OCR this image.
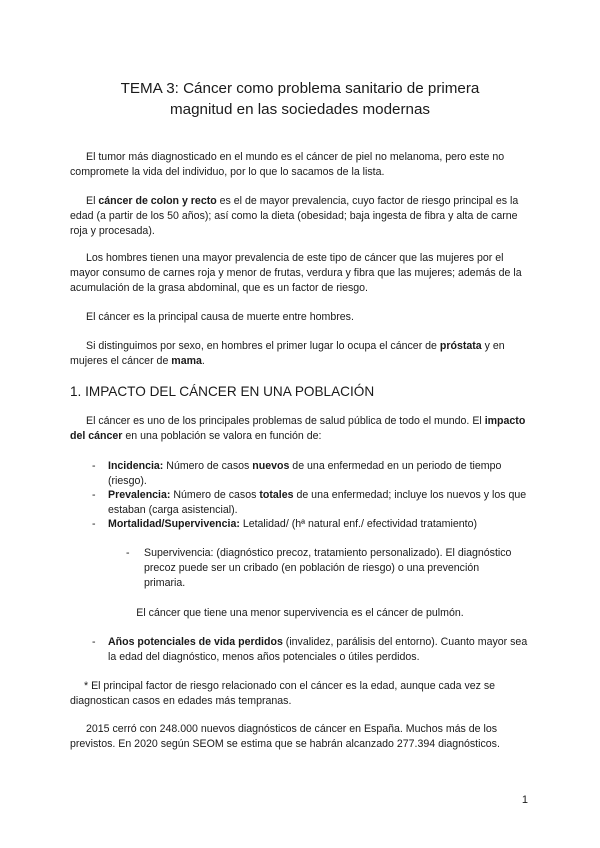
TEMA 3: Cáncer como problema sanitario de primera
magnitud en las sociedades modernas

El tumor más diagnosticado en el mundo es el cáncer de piel no melanoma, pero este no compromete la vida del individuo, por lo que lo sacamos de la lista.

El cáncer de colon y recto es el de mayor prevalencia, cuyo factor de riesgo principal es la edad (a partir de los 50 años); así como la dieta (obesidad; baja ingesta de fibra y alta de carne roja y procesada).

Los hombres tienen una mayor prevalencia de este tipo de cáncer que las mujeres por el mayor consumo de carnes roja y menor de frutas, verdura y fibra que las mujeres; además de la acumulación de la grasa abdominal, que es un factor de riesgo.

El cáncer es la principal causa de muerte entre hombres.

Si distinguimos por sexo, en hombres el primer lugar lo ocupa el cáncer de próstata y en mujeres el cáncer de mama.

1. IMPACTO DEL CÁNCER EN UNA POBLACIÓN

El cáncer es uno de los principales problemas de salud pública de todo el mundo. El impacto del cáncer en una población se valora en función de:

- Incidencia: Número de casos nuevos de una enfermedad en un periodo de tiempo (riesgo).
- Prevalencia: Número de casos totales de una enfermedad; incluye los nuevos y los que estaban (carga asistencial).
- Mortalidad/Supervivencia: Letalidad/ (hª natural enf./ efectividad tratamiento)
- Supervivencia: (diagnóstico precoz, tratamiento personalizado). El diagnóstico precoz puede ser un cribado (en población de riesgo) o una prevención primaria.
El cáncer que tiene una menor supervivencia es el cáncer de pulmón.
- Años potenciales de vida perdidos (invalidez, parálisis del entorno). Cuanto mayor sea la edad del diagnóstico, menos años potenciales o útiles perdidos.

* El principal factor de riesgo relacionado con el cáncer es la edad, aunque cada vez se diagnostican casos en edades más tempranas.

2015 cerró con 248.000 nuevos diagnósticos de cáncer en España. Muchos más de los previstos. En 2020 según SEOM se estima que se habrán alcanzado 277.394 diagnósticos.

1
